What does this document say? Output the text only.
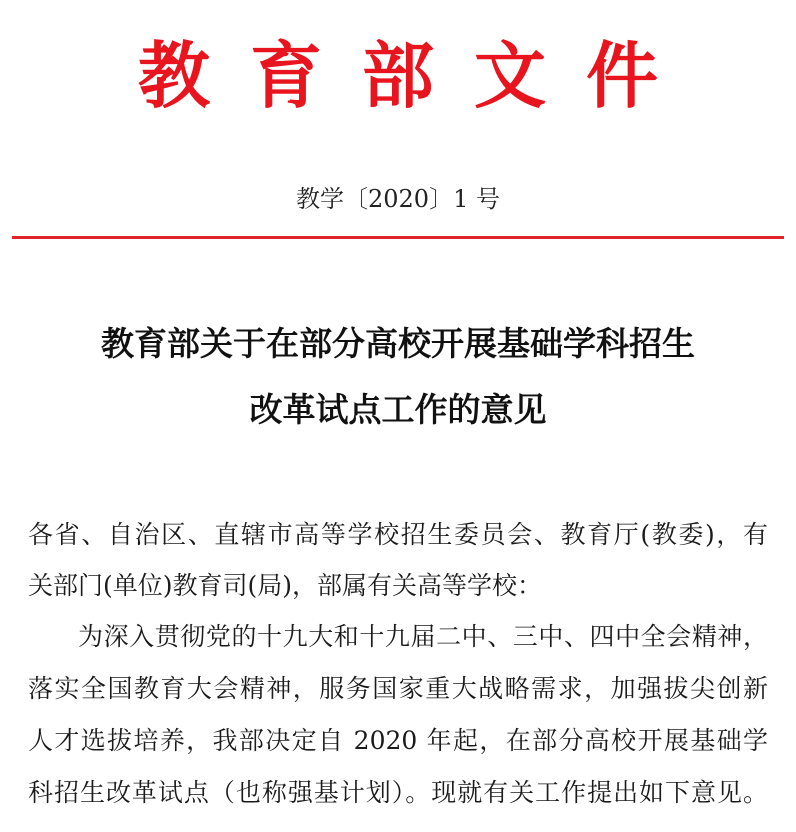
教育部文件
教学〔2020〕1 号
教育部关于在部分高校开展基础学科招生
改革试点工作的意见
各省、自治区、直辖市高等学校招生委员会、教育厅(教委)，有
关部门(单位)教育司(局)，部属有关高等学校：
为深入贯彻党的十九大和十九届二中、三中、四中全会精神，
落实全国教育大会精神，服务国家重大战略需求，加强拔尖创新
人才选拔培养，我部决定自 2020 年起，在部分高校开展基础学
科招生改革试点（也称强基计划）。现就有关工作提出如下意见。
